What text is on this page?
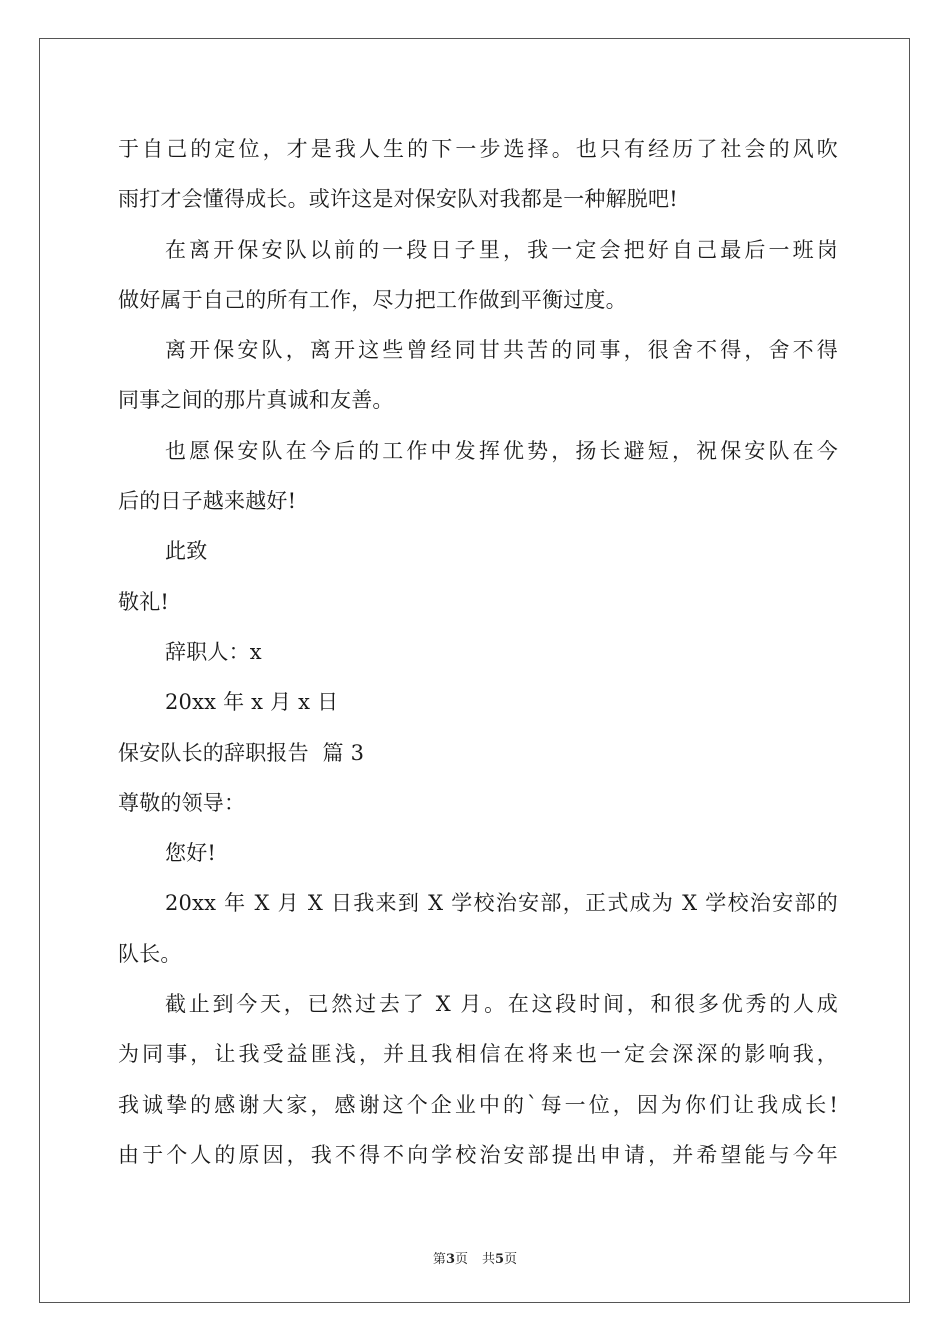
于自己的定位，才是我人生的下一步选择。也只有经历了社会的风吹
雨打才会懂得成长。或许这是对保安队对我都是一种解脱吧!
在离开保安队以前的一段日子里，我一定会把好自己最后一班岗
做好属于自己的所有工作，尽力把工作做到平衡过度。
离开保安队，离开这些曾经同甘共苦的同事，很舍不得，舍不得
同事之间的那片真诚和友善。
也愿保安队在今后的工作中发挥优势，扬长避短，祝保安队在今
后的日子越来越好!
此致
敬礼!
辞职人：x
20xx 年 x 月 x 日
保安队长的辞职报告  篇 3
尊敬的领导：
您好!
20xx 年 X 月 X 日我来到 X 学校治安部，正式成为 X 学校治安部的
队长。
截止到今天，已然过去了 X 月。在这段时间，和很多优秀的人成
为同事，让我受益匪浅，并且我相信在将来也一定会深深的影响我，
我诚挚的感谢大家，感谢这个企业中的`每一位，因为你们让我成长!
由于个人的原因，我不得不向学校治安部提出申请，并希望能与今年
第3页 共5页
